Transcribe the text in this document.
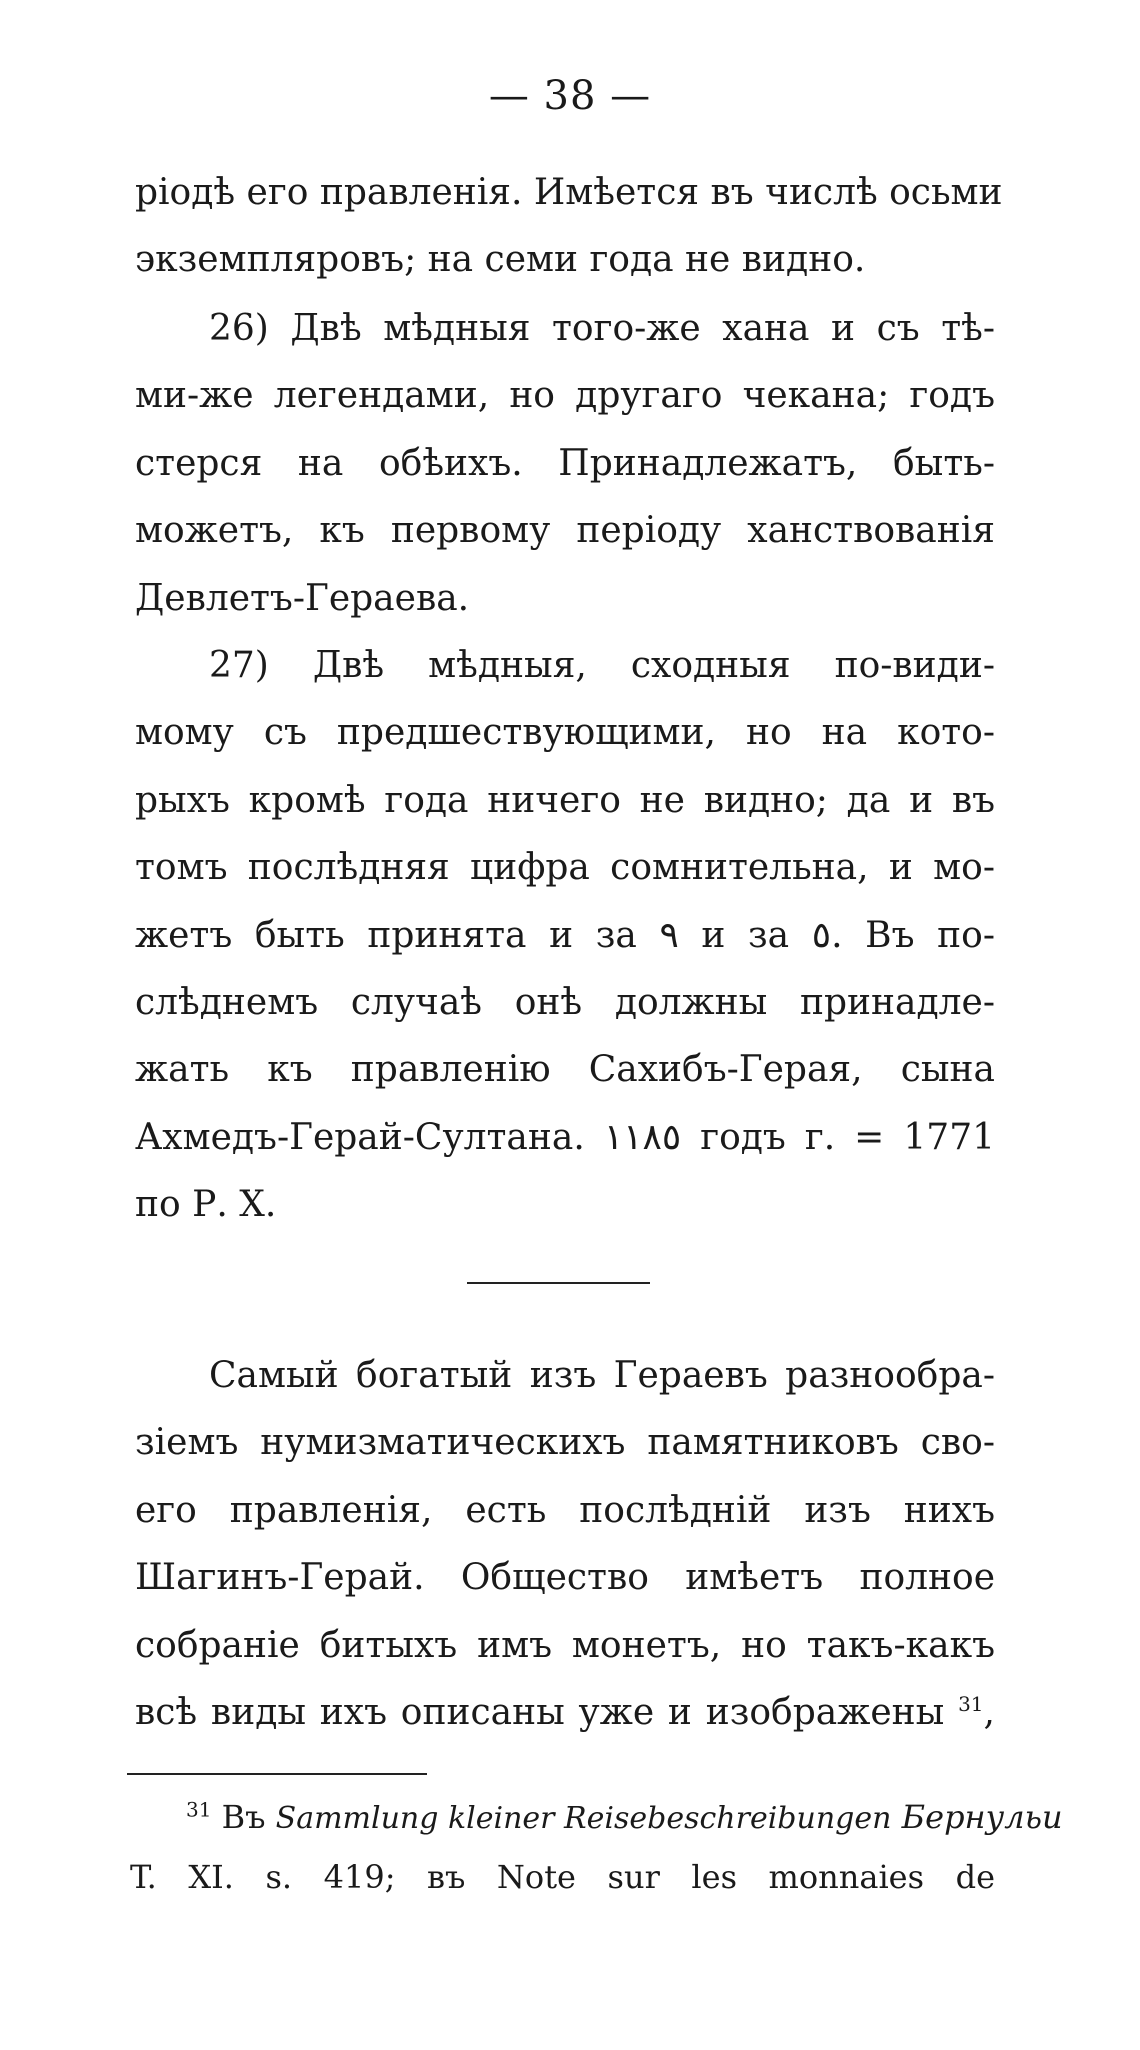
— 38 —
ріодѣ его правленія. Имѣется въ числѣ осьми
экземпляровъ; на семи года не видно.
26) Двѣ мѣдныя того-же хана и съ тѣ-
ми-же легендами, но другаго чекана; годъ
стерся на обѣихъ. Принадлежатъ, быть-
можетъ, къ первому періоду ханствованія
Девлетъ-Гераева.
27) Двѣ мѣдныя, сходныя по-види-
мому съ предшествующими, но на кото-
рыхъ кромѣ года ничего не видно; да и въ
томъ послѣдняя цифра сомнительна, и мо-
жетъ быть принята и за ٩ и за ٥. Въ по-
слѣднемъ случаѣ онѣ должны принадле-
жать къ правленію Сахибъ-Герая, сына
Ахмедъ-Герай-Султана. ١١٨٥ годъ г. = 1771
по Р. Х.
Самый богатый изъ Гераевъ разнообра-
зіемъ нумизматическихъ памятниковъ сво-
его правленія, есть послѣдній изъ нихъ
Шагинъ-Герай. Общество имѣетъ полное
собраніе битыхъ имъ монетъ, но такъ-какъ
всѣ виды ихъ описаны уже и изображены $^{31}$,
$^{31}$ Въ Sammlung kleiner Reisebeschreibungen Бернульи
T. XI. s. 419; въ Note sur les monnaies de
